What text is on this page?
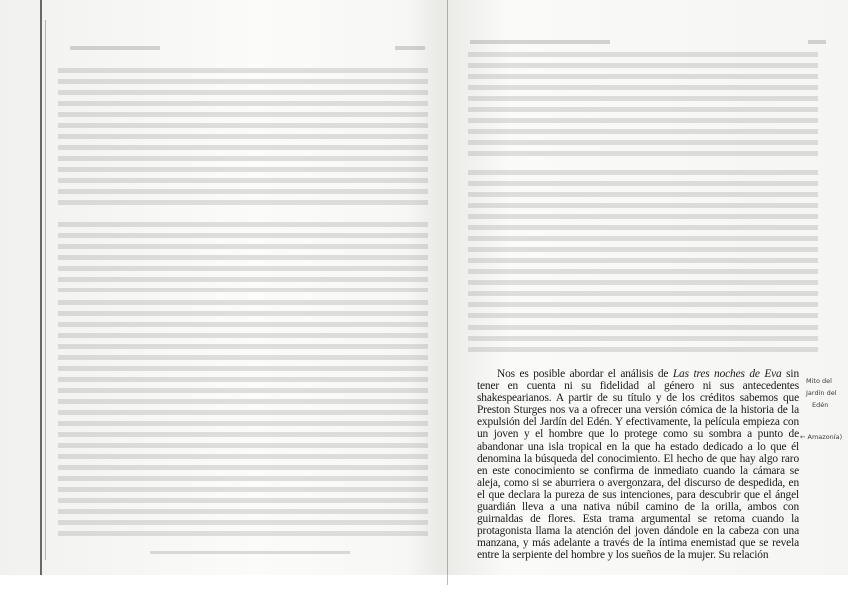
Nos es posible abordar el análisis de Las tres noches de Eva sin tener en cuenta ni su fidelidad al género ni sus antecedentes shakespearianos. A partir de su título y de los créditos sabemos que Preston Sturges nos va a ofrecer una versión cómica de la historia de la expulsión del Jardín del Edén. Y efectivamente, la película empieza con un joven y el hombre que lo protege como su sombra a punto de abandonar una isla tropical en la que ha estado dedicado a lo que él denomina la búsqueda del conocimiento. El hecho de que hay algo raro en este conocimiento se confirma de inmediato cuando la cámara se aleja, como si se aburriera o avergonzara, del discurso de despedida, en el que declara la pureza de sus intenciones, para descubrir que el ángel guardián lleva a una nativa núbil camino de la orilla, ambos con guirnaldas de flores. Esta trama argumental se retoma cuando la protagonista llama la atención del joven dándole en la cabeza con una manzana, y más adelante a través de la íntima enemistad que se revela entre la serpiente del hombre y los sueños de la mujer. Su relación

Mito del
Jardín del
Edén
← Amazonía)
